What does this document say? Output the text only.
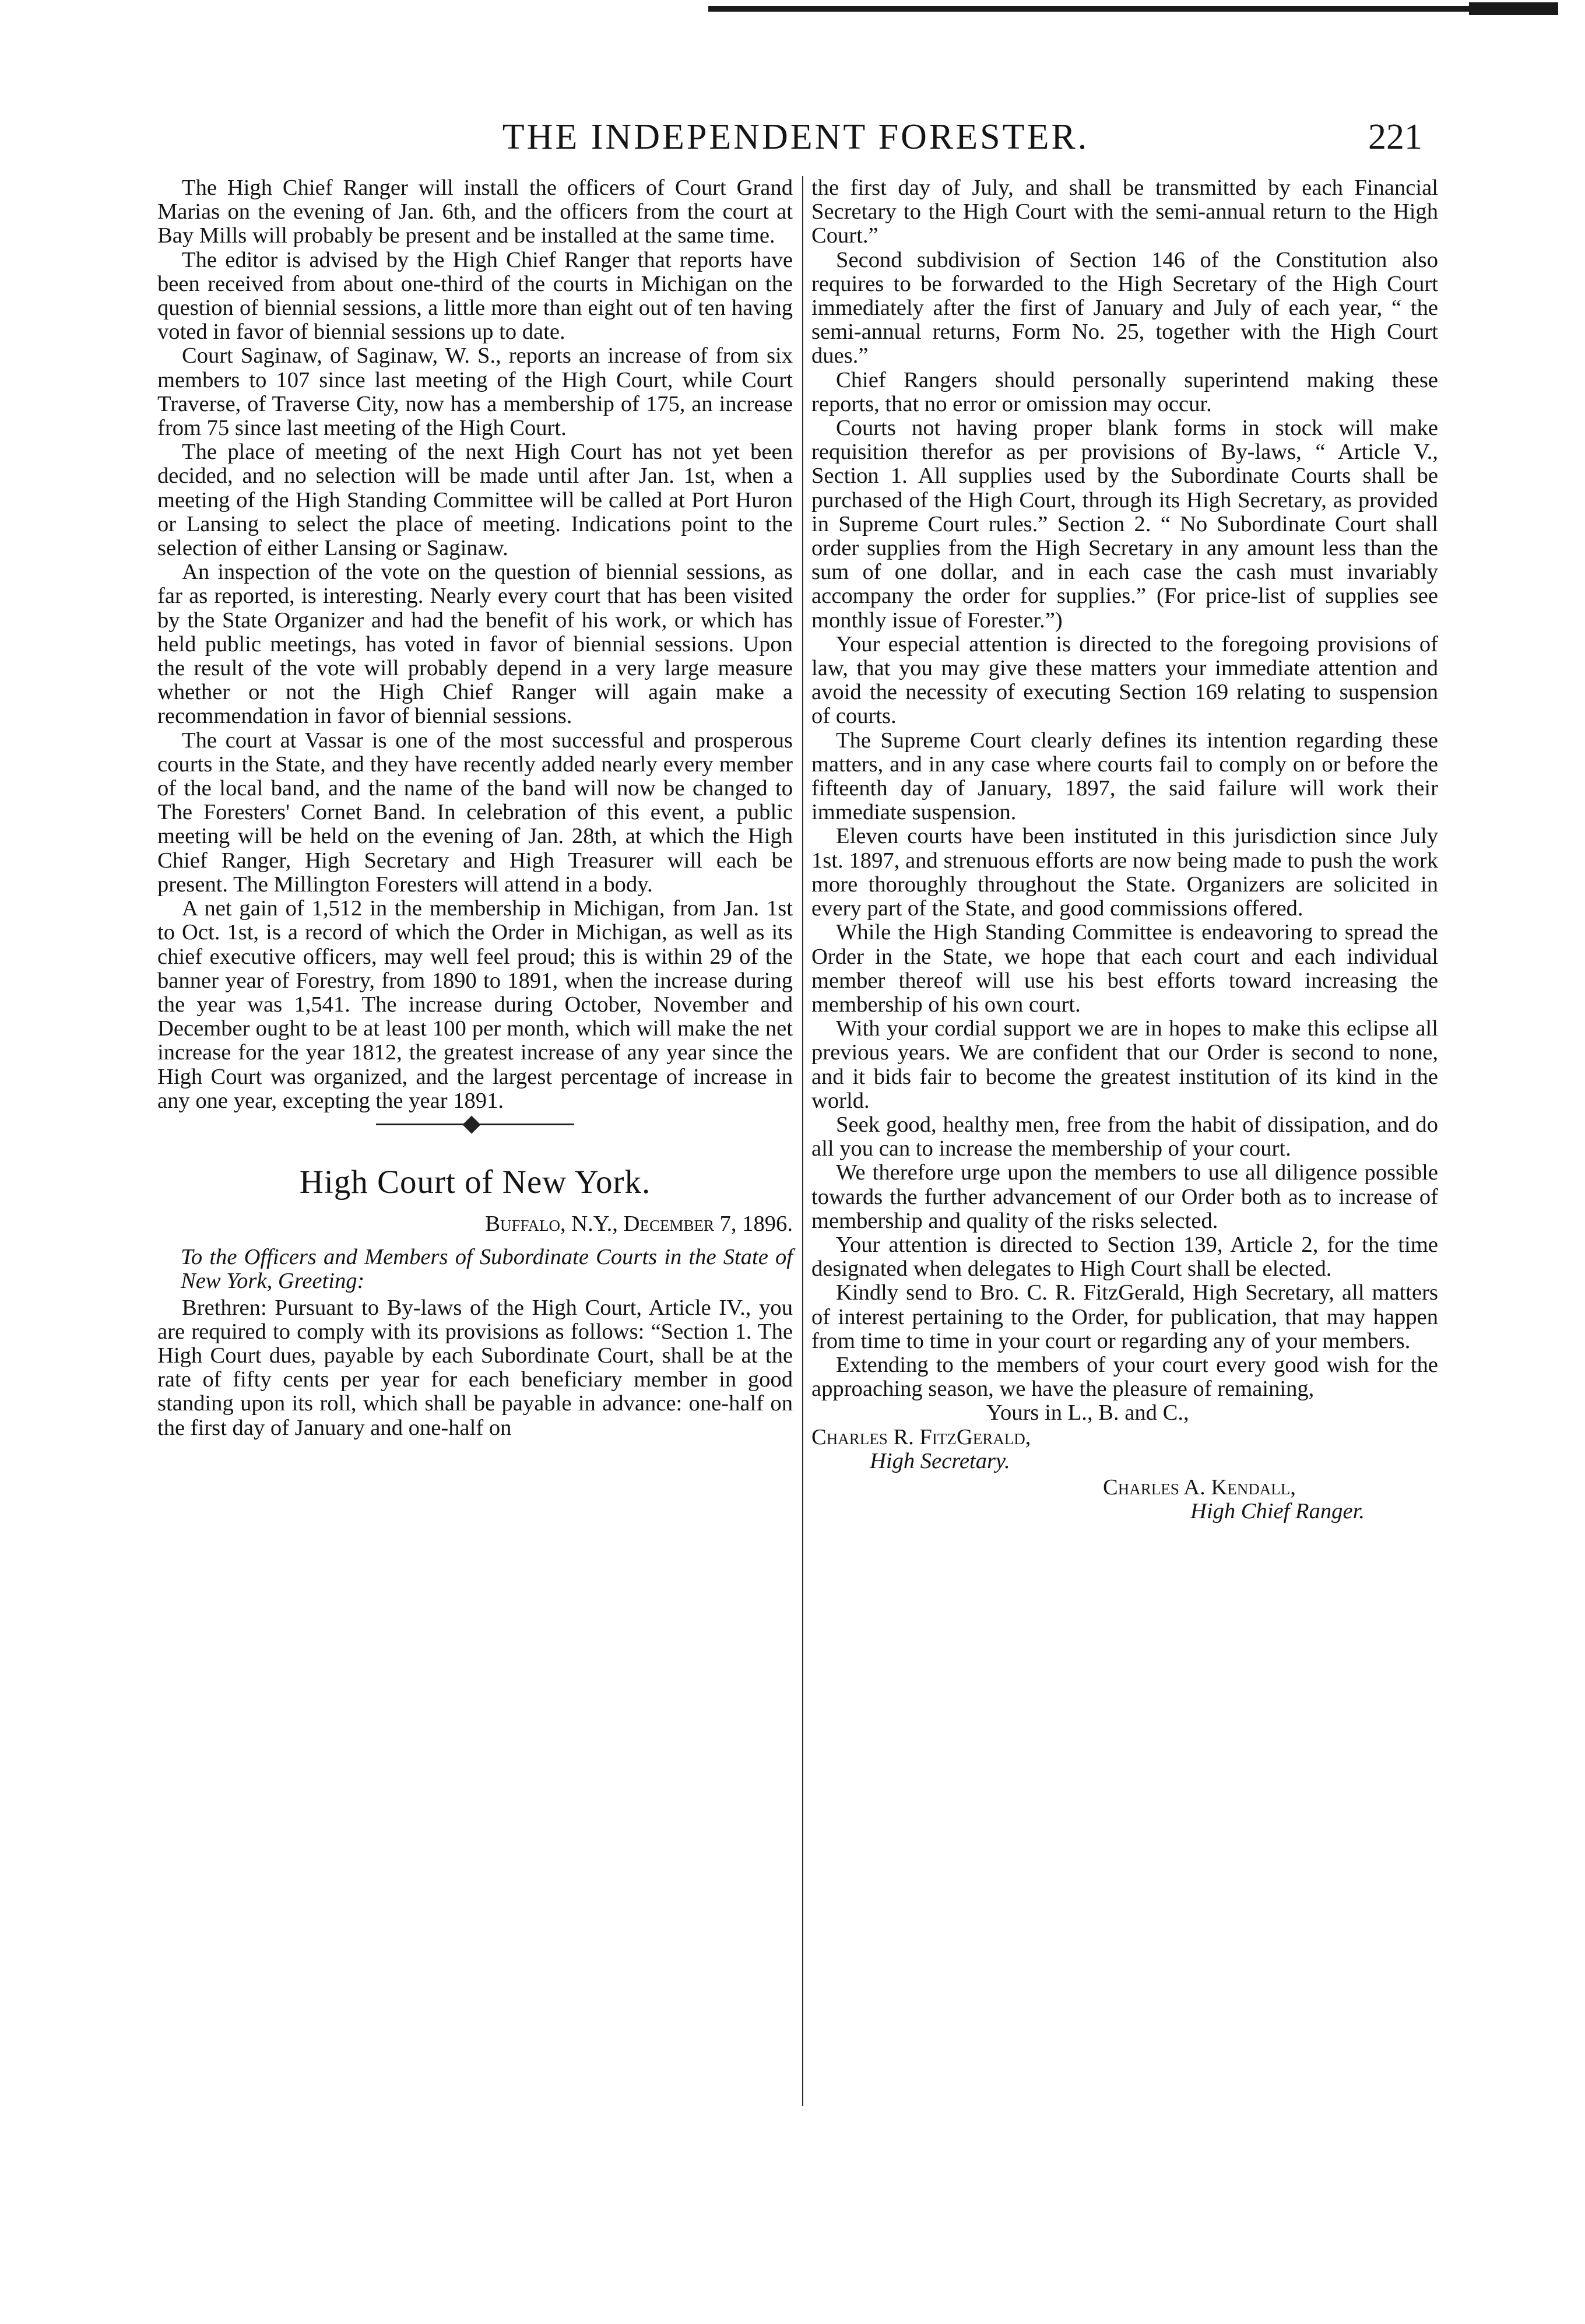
THE INDEPENDENT FORESTER.	221

The High Chief Ranger will install the officers of Court Grand Marias on the evening of Jan. 6th, and the officers from the court at Bay Mills will probably be present and be installed at the same time.

The editor is advised by the High Chief Ranger that reports have been received from about one-third of the courts in Michigan on the question of biennial sessions, a little more than eight out of ten having voted in favor of biennial sessions up to date.

Court Saginaw, of Saginaw, W. S., reports an increase of from six members to 107 since last meeting of the High Court, while Court Traverse, of Traverse City, now has a membership of 175, an increase from 75 since last meeting of the High Court.

The place of meeting of the next High Court has not yet been decided, and no selection will be made until after Jan. 1st, when a meeting of the High Standing Committee will be called at Port Huron or Lansing to select the place of meeting. Indications point to the selection of either Lansing or Saginaw.

An inspection of the vote on the question of biennial sessions, as far as reported, is interesting. Nearly every court that has been visited by the State Organizer and had the benefit of his work, or which has held public meetings, has voted in favor of biennial sessions. Upon the result of the vote will probably depend in a very large measure whether or not the High Chief Ranger will again make a recommendation in favor of biennial sessions.

The court at Vassar is one of the most successful and prosperous courts in the State, and they have recently added nearly every member of the local band, and the name of the band will now be changed to The Foresters' Cornet Band. In celebration of this event, a public meeting will be held on the evening of Jan. 28th, at which the High Chief Ranger, High Secretary and High Treasurer will each be present. The Millington Foresters will attend in a body.

A net gain of 1,512 in the membership in Michigan, from Jan. 1st to Oct. 1st, is a record of which the Order in Michigan, as well as its chief executive officers, may well feel proud; this is within 29 of the banner year of Forestry, from 1890 to 1891, when the increase during the year was 1,541. The increase during October, November and December ought to be at least 100 per month, which will make the net increase for the year 1812, the greatest increase of any year since the High Court was organized, and the largest percentage of increase in any one year, excepting the year 1891.

High Court of New York.

Buffalo, N.Y., December 7, 1896.

To the Officers and Members of Subordinate Courts in the State of New York, Greeting:

Brethren: Pursuant to By-laws of the High Court, Article IV., you are required to comply with its provisions as follows: “Section 1. The High Court dues, payable by each Subordinate Court, shall be at the rate of fifty cents per year for each beneficiary member in good standing upon its roll, which shall be payable in advance: one-half on the first day of January and one-half on

the first day of July, and shall be transmitted by each Financial Secretary to the High Court with the semi-annual return to the High Court.”

Second subdivision of Section 146 of the Constitution also requires to be forwarded to the High Secretary of the High Court immediately after the first of January and July of each year, “ the semi-annual returns, Form No. 25, together with the High Court dues.”

Chief Rangers should personally superintend making these reports, that no error or omission may occur.

Courts not having proper blank forms in stock will make requisition therefor as per provisions of By-laws, “ Article V., Section 1. All supplies used by the Subordinate Courts shall be purchased of the High Court, through its High Secretary, as provided in Supreme Court rules.” Section 2. “ No Subordinate Court shall order supplies from the High Secretary in any amount less than the sum of one dollar, and in each case the cash must invariably accompany the order for supplies.” (For price-list of supplies see monthly issue of Forester.”)

Your especial attention is directed to the foregoing provisions of law, that you may give these matters your immediate attention and avoid the necessity of executing Section 169 relating to suspension of courts.

The Supreme Court clearly defines its intention regarding these matters, and in any case where courts fail to comply on or before the fifteenth day of January, 1897, the said failure will work their immediate suspension.

Eleven courts have been instituted in this jurisdiction since July 1st. 1897, and strenuous efforts are now being made to push the work more thoroughly throughout the State. Organizers are solicited in every part of the State, and good commissions offered.

While the High Standing Committee is endeavoring to spread the Order in the State, we hope that each court and each individual member thereof will use his best efforts toward increasing the membership of his own court.

With your cordial support we are in hopes to make this eclipse all previous years. We are confident that our Order is second to none, and it bids fair to become the greatest institution of its kind in the world.

Seek good, healthy men, free from the habit of dissipation, and do all you can to increase the membership of your court.

We therefore urge upon the members to use all diligence possible towards the further advancement of our Order both as to increase of membership and quality of the risks selected.

Your attention is directed to Section 139, Article 2, for the time designated when delegates to High Court shall be elected.

Kindly send to Bro. C. R. FitzGerald, High Secretary, all matters of interest pertaining to the Order, for publication, that may happen from time to time in your court or regarding any of your members.

Extending to the members of your court every good wish for the approaching season, we have the pleasure of remaining,

Yours in L., B. and C.,

Charles R. FitzGerald,

High Secretary.

Charles A. Kendall,

High Chief Ranger.
